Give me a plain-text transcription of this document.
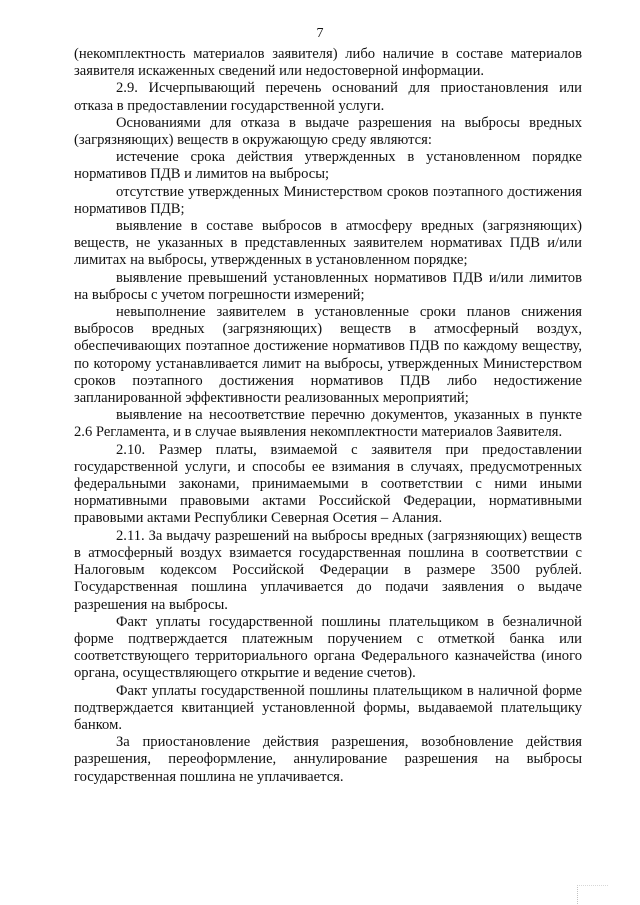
7

(некомплектность материалов заявителя) либо наличие в составе материалов заявителя искаженных сведений или недостоверной информации.

2.9. Исчерпывающий перечень оснований для приостановления или отказа в предоставлении государственной услуги.

Основаниями для отказа в выдаче разрешения на выбросы вредных (загрязняющих) веществ в окружающую среду являются:

истечение срока действия утвержденных в установленном порядке нормативов ПДВ и лимитов на выбросы;

отсутствие утвержденных Министерством сроков поэтапного достижения нормативов ПДВ;

выявление в составе выбросов в атмосферу вредных (загрязняющих) веществ, не указанных в представленных заявителем нормативах ПДВ и/или лимитах на выбросы, утвержденных в установленном порядке;

выявление превышений установленных нормативов ПДВ и/или лимитов на выбросы с учетом погрешности измерений;

невыполнение заявителем в установленные сроки планов снижения выбросов вредных (загрязняющих) веществ в атмосферный воздух, обеспечивающих поэтапное достижение нормативов ПДВ по каждому веществу, по которому устанавливается лимит на выбросы, утвержденных Министерством сроков поэтапного достижения нормативов ПДВ либо недостижение запланированной эффективности реализованных мероприятий;

выявление на несоответствие перечню документов, указанных в пункте 2.6 Регламента, и в случае выявления некомплектности материалов Заявителя.

2.10. Размер платы, взимаемой с заявителя при предоставлении государственной услуги, и способы ее взимания в случаях, предусмотренных федеральными законами, принимаемыми в соответствии с ними иными нормативными правовыми актами Российской Федерации, нормативными правовыми актами Республики Северная Осетия – Алания.

2.11. За выдачу разрешений на выбросы вредных (загрязняющих) веществ в атмосферный воздух взимается государственная пошлина в соответствии с Налоговым кодексом Российской Федерации в размере 3500 рублей. Государственная пошлина уплачивается до подачи заявления о выдаче разрешения на выбросы.

Факт уплаты государственной пошлины плательщиком в безналичной форме подтверждается платежным поручением с отметкой банка или соответствующего территориального органа Федерального казначейства (иного органа, осуществляющего открытие и ведение счетов).

Факт уплаты государственной пошлины плательщиком в наличной форме подтверждается квитанцией установленной формы, выдаваемой плательщику банком.

За приостановление действия разрешения, возобновление действия разрешения, переоформление, аннулирование разрешения на выбросы государственная пошлина не уплачивается.
